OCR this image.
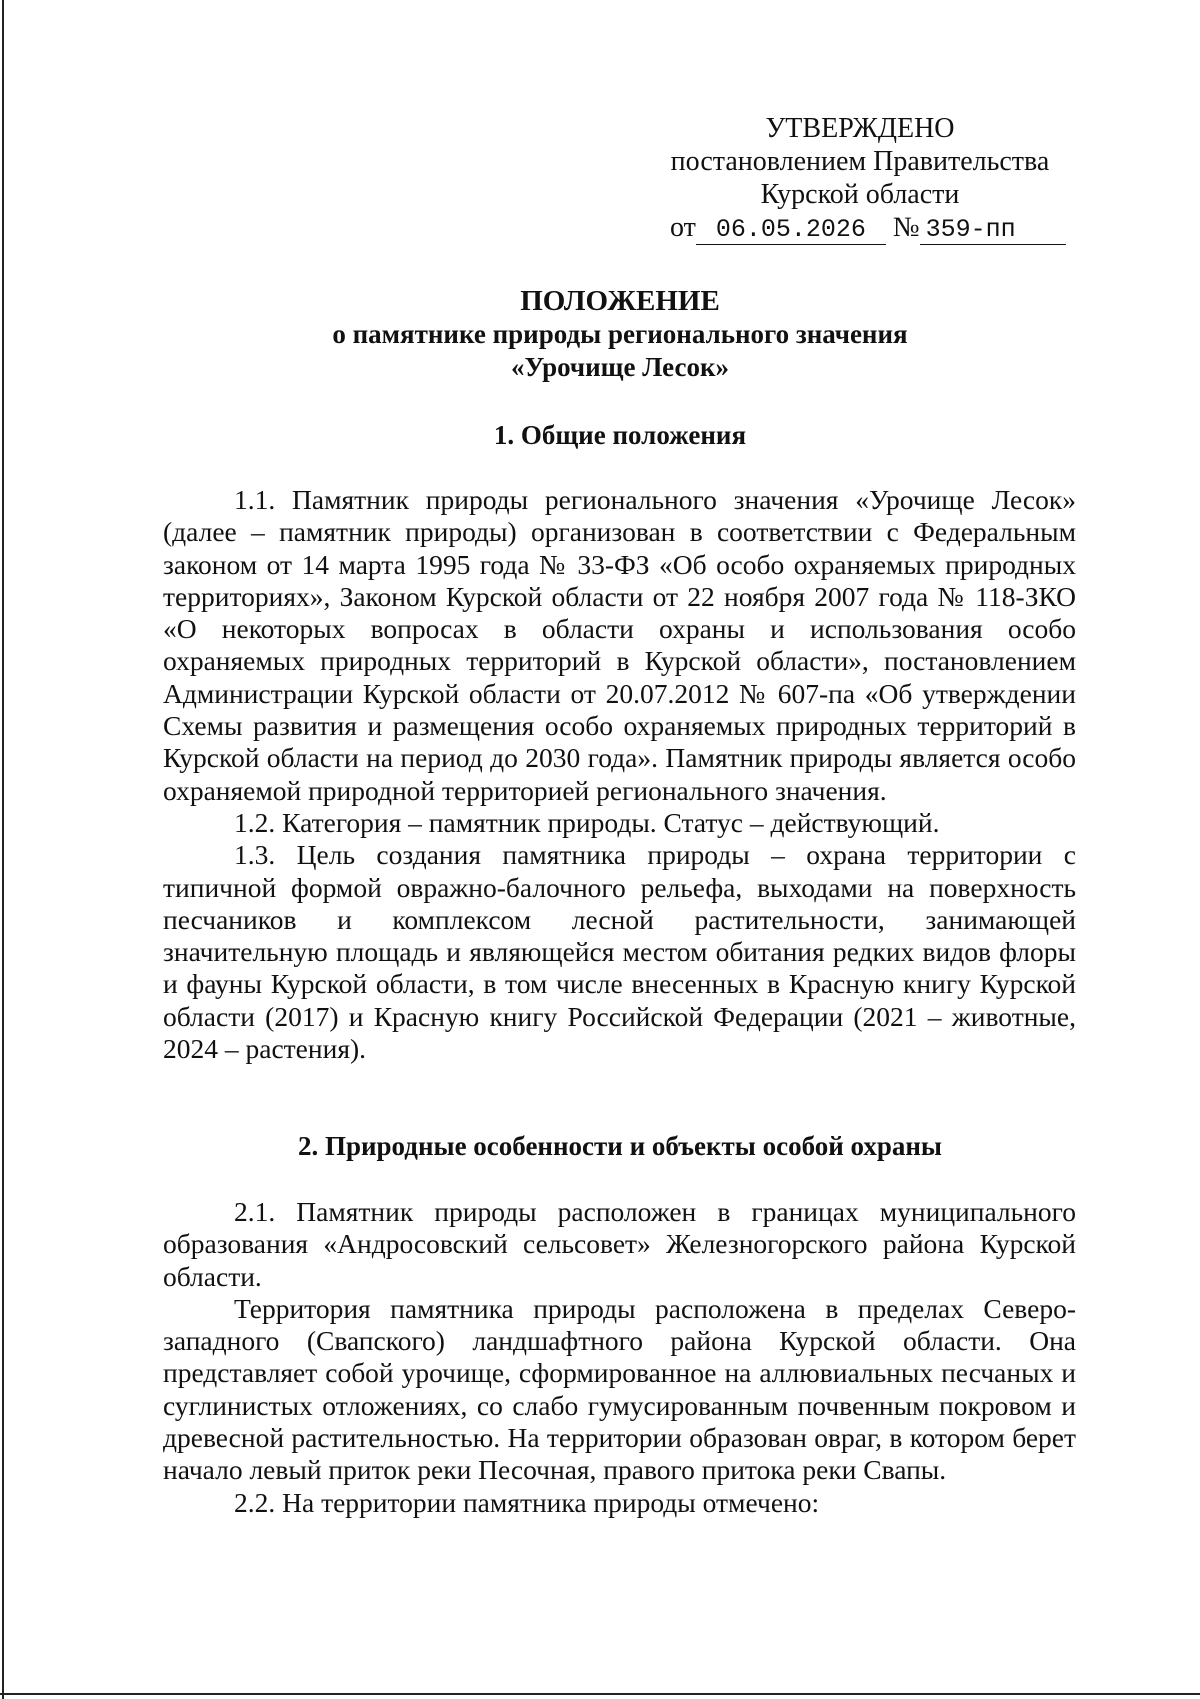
УТВЕРЖДЕНО
постановлением Правительства
Курской области
от 06.05.2026 № 359-пп
ПОЛОЖЕНИЕ
о памятнике природы регионального значения
«Урочище Лесок»
1. Общие положения

1.1. Памятник природы регионального значения «Урочище Лесок» (далее – памятник природы) организован в соответствии с Федеральным законом от 14 марта 1995 года № 33-ФЗ «Об особо охраняемых природных территориях», Законом Курской области от 22 ноября 2007 года № 118-ЗКО «О некоторых вопросах в области охраны и использования особо охраняемых природных территорий в Курской области», постановлением Администрации Курской области от 20.07.2012 № 607-па «Об утверждении Схемы развития и размещения особо охраняемых природных территорий в Курской области на период до 2030 года». Памятник природы является особо охраняемой природной территорией регионального значения.

1.2. Категория – памятник природы. Статус – действующий.

1.3. Цель создания памятника природы – охрана территории с типичной формой овражно-балочного рельефа, выходами на поверхность песчаников и комплексом лесной растительности, занимающей значительную площадь и являющейся местом обитания редких видов флоры и фауны Курской области, в том числе внесенных в Красную книгу Курской области (2017) и Красную книгу Российской Федерации (2021 – животные, 2024 – растения).

2. Природные особенности и объекты особой охраны

2.1. Памятник природы расположен в границах муниципального образования «Андросовский сельсовет» Железногорского района Курской области.

Территория памятника природы расположена в пределах Северо-западного (Свапского) ландшафтного района Курской области. Она представляет собой урочище, сформированное на аллювиальных песчаных и суглинистых отложениях, со слабо гумусированным почвенным покровом и древесной растительностью. На территории образован овраг, в котором берет начало левый приток реки Песочная, правого притока реки Свапы.

2.2. На территории памятника природы отмечено:
